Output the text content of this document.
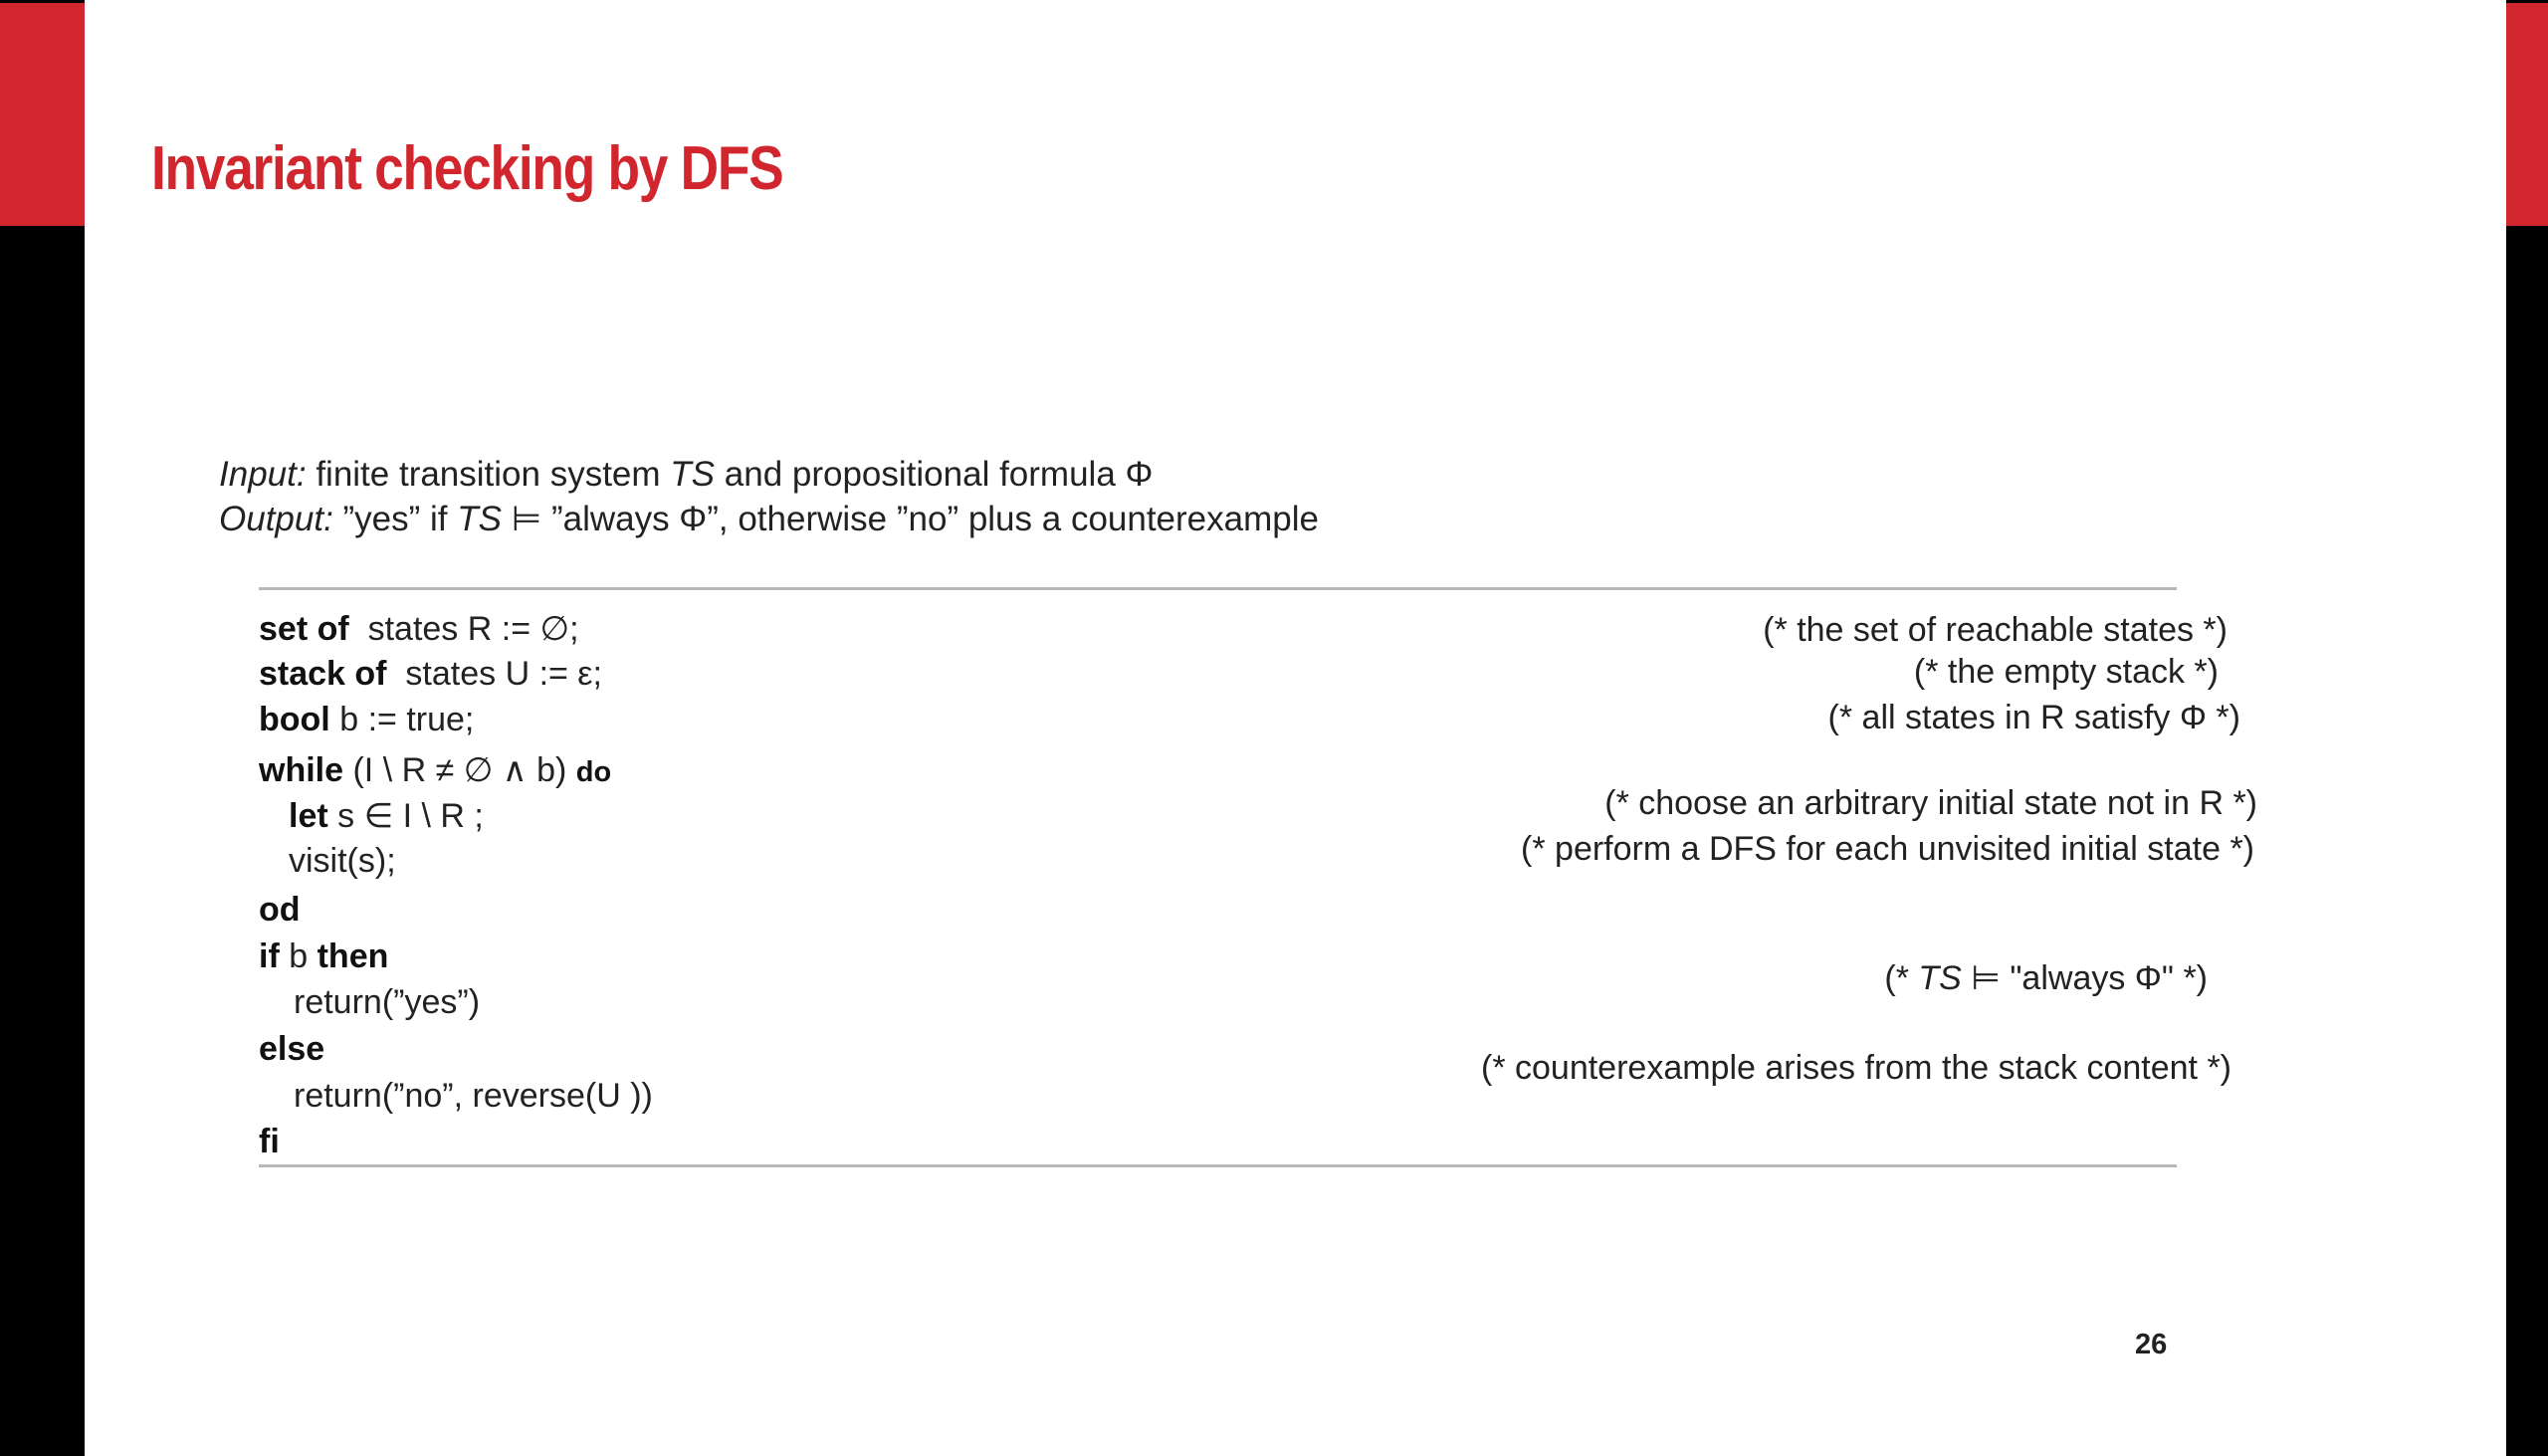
Invariant checking by DFS
Input: finite transition system TS and propositional formula Φ
Output: ”yes” if TS ⊨ ”always Φ”, otherwise ”no” plus a counterexample
set of states R := ∅;
stack of states U := ε;
bool b := true;
while (I \ R ≠ ∅ ∧ b) do
let s ∈ I \ R ;
visit(s);
od
if b then
return(”yes”)
else
return(”no”, reverse(U ))
fi
(* the set of reachable states *)
(* the empty stack *)
(* all states in R satisfy Φ *)
(* choose an arbitrary initial state not in R *)
(* perform a DFS for each unvisited initial state *)
(* TS ⊨ "always Φ" *)
(* counterexample arises from the stack content *)
26
